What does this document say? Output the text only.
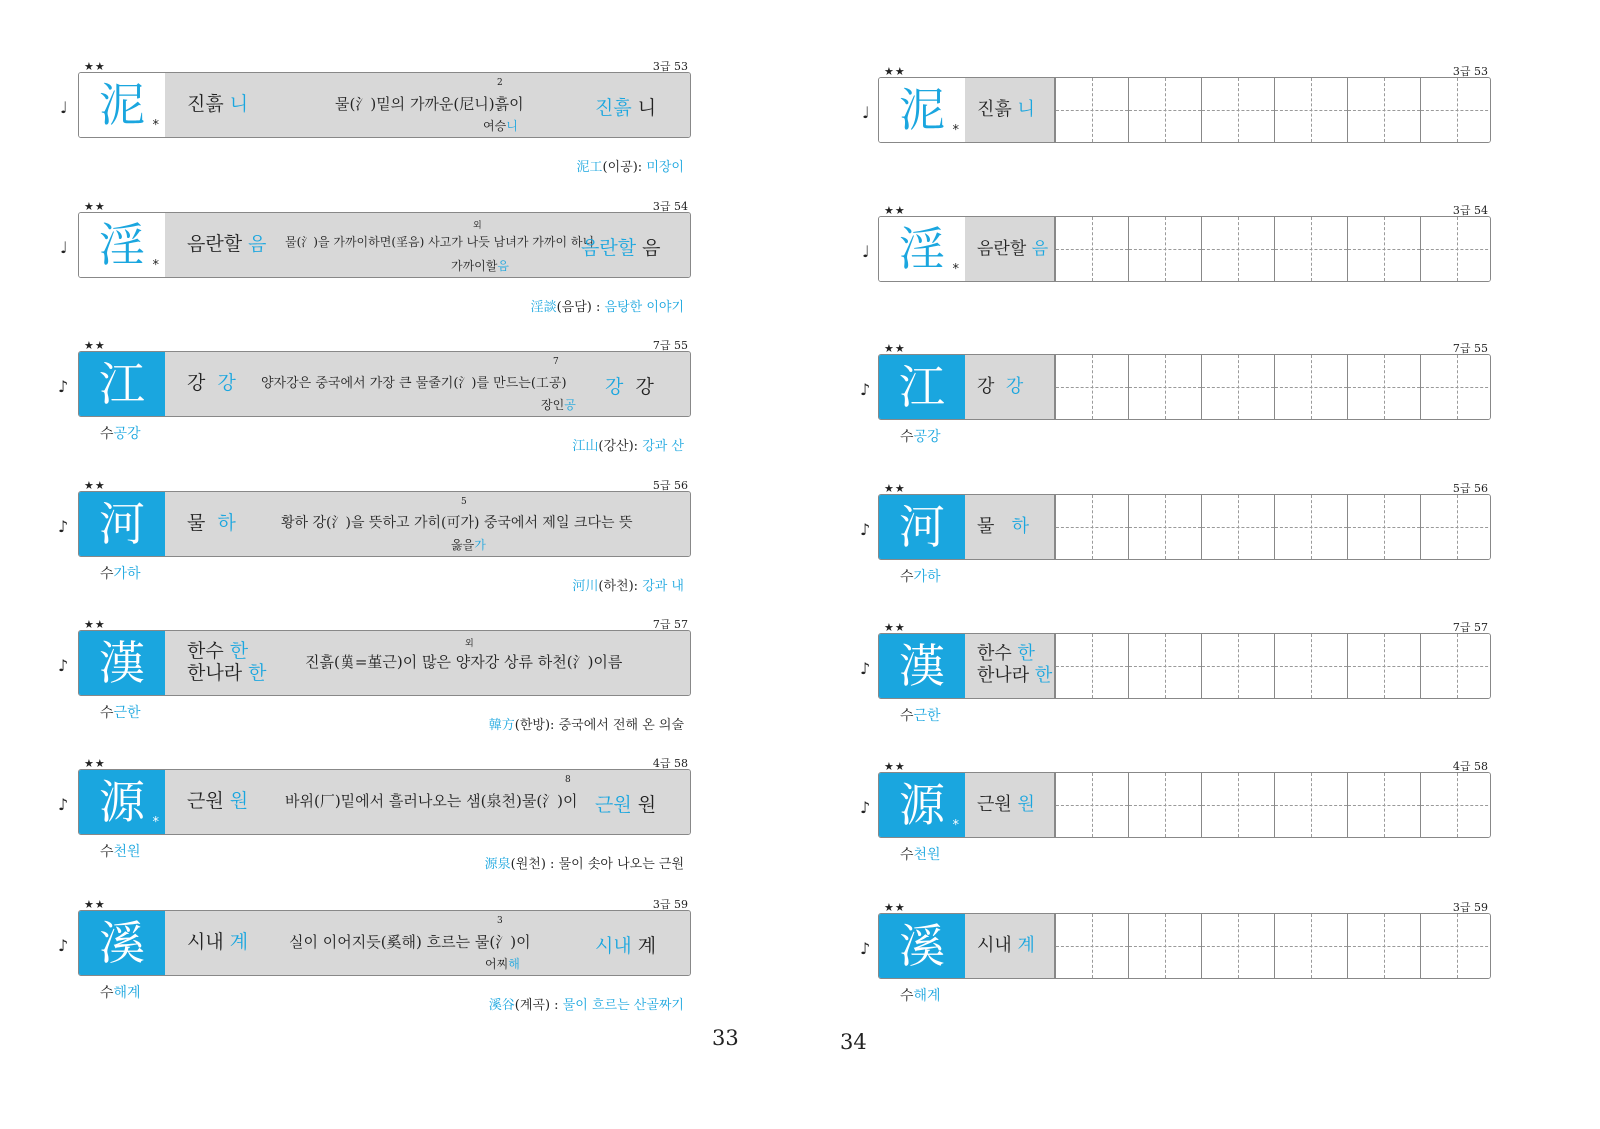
★★	3급 53
♩ 泥 *
진흙 니	물(氵)밑의 가까운(尼니)흙이
2
진흙 니
여승니
泥工(이공): 미장이
★★	3급 54
♩ 淫 *
음란할 음 물(氵)을 가까이하면(㸒음) 사고가 나듯 남녀가 가까이 하니
외
음란할 음
가까이할음
淫談(음담) : 음탕한 이야기
★★	7급 55
♪ 江 강 강 양자강은 중국에서 가장 큰 물줄기(氵)를 만드는(工공)
7
강 강
장인공
수공강
江山(강산): 강과 산
★★	5급 56
♪ 河 물 하	황하 강(氵)을 뜻하고 가히(可가) 중국에서 제일 크다는 뜻
5
옳을가
수가하
河川(하천): 강과 내
★★	7급 57
♪ 漢 한수 한
한나라 한	진흙(𦰩=堇근)이 많은 양자강 상류 하천(氵)이름
외
수근한
韓方(한방): 중국에서 전해 온 의술
★★	4급 58
♪ 源 *
근원 원 바위(厂)밑에서 흘러나오는 샘(泉천)물(氵)이
8
근원 원
수천원
源泉(원천) : 물이 솟아 나오는 근원
★★	3급 59
♪ 溪 시내 계	실이 이어지듯(奚해) 흐르는 물(氵)이
3
시내 계
어찌해
수해계
溪谷(계곡) : 물이 흐르는 산골짜기
33
★★	3급 53
♩ 泥 *
진흙 니
★★	3급 54
♩ 淫 *
음란할 음
★★	7급 55
♪ 江 강 강
수공강
★★	5급 56
♪ 河 물 하
수가하
★★	7급 57
♪ 漢 한수 한
한나라 한
수근한
★★	4급 58
♪ 源 *
근원 원
수천원
★★	3급 59
♪ 溪 시내 계
수해계
34
